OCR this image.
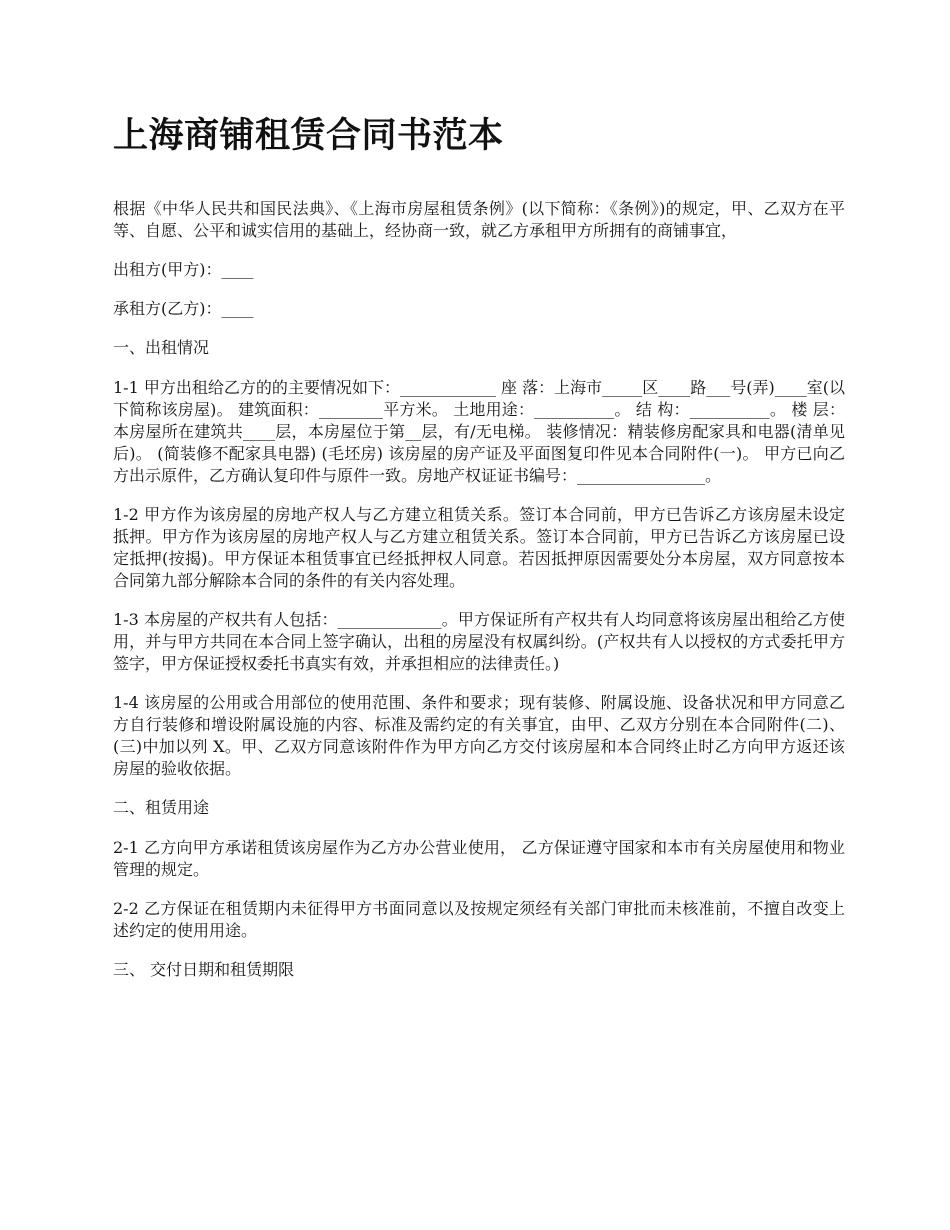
上海商铺租赁合同书范本

根据《中华人民共和国民法典》、《上海市房屋租赁条例》(以下简称：《条例》)的规定，甲、乙双方在平等、自愿、公平和诚实信用的基础上，经协商一致，就乙方承租甲方所拥有的商铺事宜，

出租方(甲方)：____

承租方(乙方)：____

一、出租情况

1-1 甲方出租给乙方的的主要情况如下：____________ 座 落：上海市_____区____路___号(弄)____室(以下简称该房屋)。 建筑面积：________平方米。 土地用途：__________。 结 构：__________。 楼 层：本房屋所在建筑共____层，本房屋位于第__层，有/无电梯。 装修情况：精装修房配家具和电器(清单见后)。 (简装修不配家具电器) (毛坯房) 该房屋的房产证及平面图复印件见本合同附件(一)。 甲方已向乙方出示原件，乙方确认复印件与原件一致。房地产权证证书编号：________________。

1-2 甲方作为该房屋的房地产权人与乙方建立租赁关系。签订本合同前，甲方已告诉乙方该房屋未设定抵押。甲方作为该房屋的房地产权人与乙方建立租赁关系。签订本合同前，甲方已告诉乙方该房屋已设定抵押(按揭)。甲方保证本租赁事宜已经抵押权人同意。若因抵押原因需要处分本房屋，双方同意按本合同第九部分解除本合同的条件的有关内容处理。

1-3 本房屋的产权共有人包括：_____________。甲方保证所有产权共有人均同意将该房屋出租给乙方使用，并与甲方共同在本合同上签字确认，出租的房屋没有权属纠纷。(产权共有人以授权的方式委托甲方签字，甲方保证授权委托书真实有效，并承担相应的法律责任。)

1-4 该房屋的公用或合用部位的使用范围、条件和要求；现有装修、附属设施、设备状况和甲方同意乙方自行装修和增设附属设施的内容、标准及需约定的有关事宜，由甲、乙双方分别在本合同附件(二)、(三)中加以列 X。甲、乙双方同意该附件作为甲方向乙方交付该房屋和本合同终止时乙方向甲方返还该房屋的验收依据。

二、租赁用途

2-1 乙方向甲方承诺租赁该房屋作为乙方办公营业使用， 乙方保证遵守国家和本市有关房屋使用和物业管理的规定。

2-2 乙方保证在租赁期内未征得甲方书面同意以及按规定须经有关部门审批而未核准前，不擅自改变上述约定的使用用途。

三、 交付日期和租赁期限
